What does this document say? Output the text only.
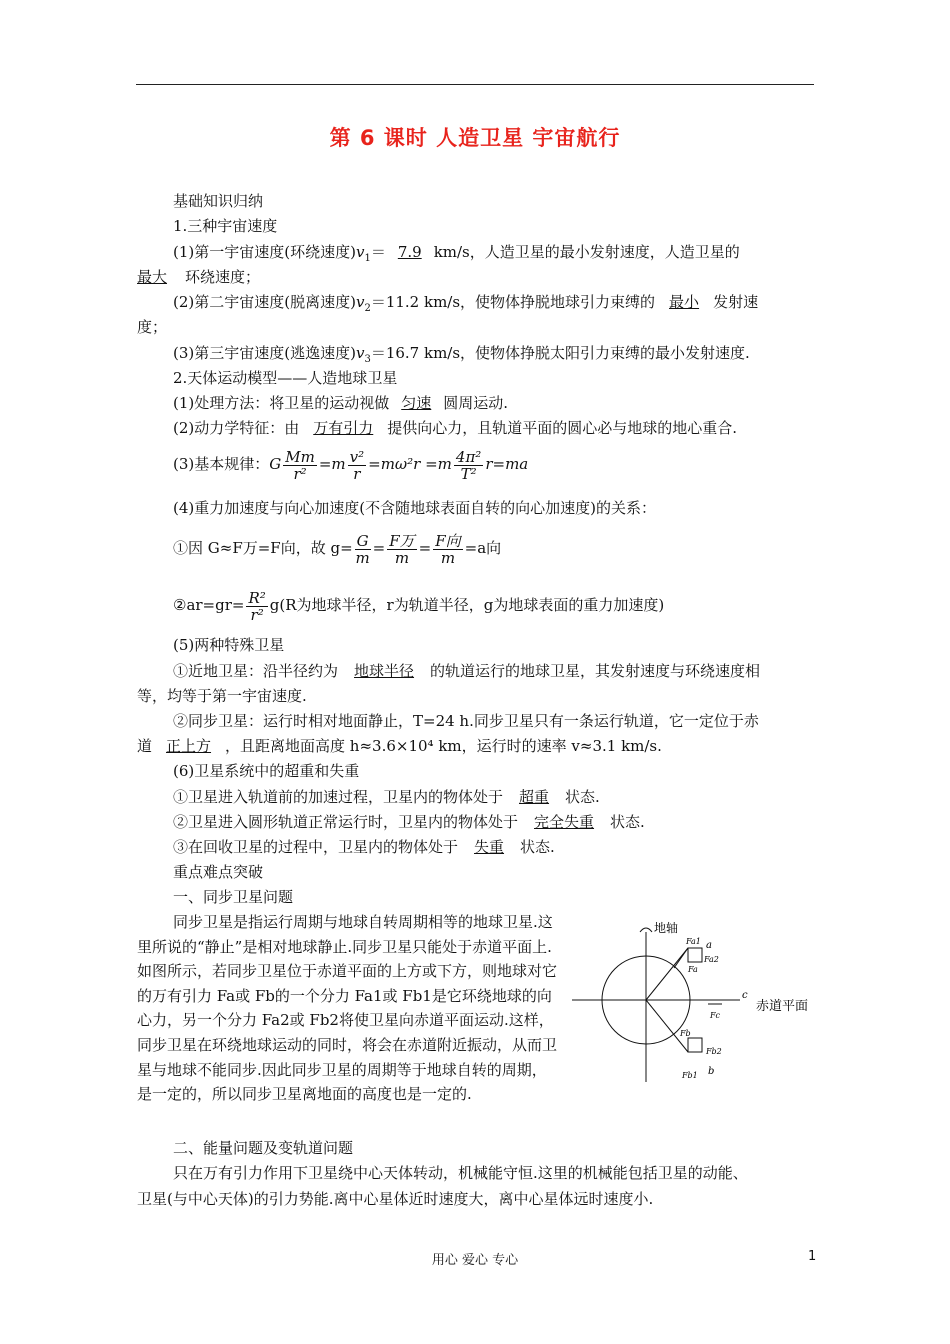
第 6 课时 人造卫星 宇宙航行
基础知识归纳
1.三种宇宙速度
(1)第一宇宙速度(环绕速度)$v_1= 7.9$ km/s，人造卫星的最小发射速度，人造卫星的
最大 环绕速度；
(2)第二宇宙速度(脱离速度)$v_2=11.2$ km/s，使物体挣脱地球引力束缚的 最小 发射速
度；
(3)第三宇宙速度(逃逸速度)$v_3=16.7$ km/s，使物体挣脱太阳引力束缚的最小发射速度.
2.天体运动模型——人造地球卫星
(1)处理方法：将卫星的运动视做 匀速 圆周运动.
(2)动力学特征：由 万有引力 提供向心力，且轨道平面的圆心必与地球的地心重合.
(3)基本规律：G $\frac{Mm}{\text{r²}} =m \frac{\text{v²}}{r} =m\omega^2r =m \frac{\text{4π²}}{\text{T²}} r=ma$
(4)重力加速度与向心加速度(不含随地球表面自转的向心加速度)的关系：
①因 G≈F万=F向，故 $g= \frac{G}{m} = \frac{\text{F万}}{m} = \frac{\text{F向}}{m} =a$向
②ar=gr= $\frac{\text{R²}}{\text{r²}} g(R$为地球半径，r为轨道半径，g为地球表面的重力加速度)
(5)两种特殊卫星
①近地卫星：沿半径约为 地球半径 的轨道运行的地球卫星，其发射速度与环绕速度相
等，均等于第一宇宙速度.
②同步卫星：运行时相对地面静止，T=24 h.同步卫星只有一条运行轨道，它一定位于赤
道 正上方 ，且距离地面高度 h≈3.6×10⁴ km，运行时的速率 v≈3.1 km/s.
(6)卫星系统中的超重和失重
①卫星进入轨道前的加速过程，卫星内的物体处于 超重 状态.
②卫星进入圆形轨道正常运行时，卫星内的物体处于 完全失重 状态.
③在回收卫星的过程中，卫星内的物体处于 失重 状态.
重点难点突破
一、同步卫星问题
同步卫星是指运行周期与地球自转周期相等的地球卫星.这里所说的“静止”是相对地球静止.同步卫星只能处于赤道平面上.如图所示，若同步卫星位于赤道平面的上方或下方，则地球对它的万有引力 Fa或 Fb的一个分力 Fa1或 Fb1是它环绕地球的向心力，另一个分力 Fa2或 Fb2将使卫星向赤道平面运动.这样，同步卫星在环绕地球运动的同时，将会在赤道附近振动，从而卫星与地球不能同步.因此同步卫星的周期等于地球自转的周期，是一定的，所以同步卫星离地面的高度也是一定的.
地轴
赤道平面
a
b
c
Fa1
Fa2
Fa
Fc
Fb
Fb2
Fb1
二、能量问题及变轨道问题
只在万有引力作用下卫星绕中心天体转动，机械能守恒.这里的机械能包括卫星的动能、
卫星(与中心天体)的引力势能.离中心星体近时速度大，离中心星体远时速度小.
用心 爱心 专心	1
